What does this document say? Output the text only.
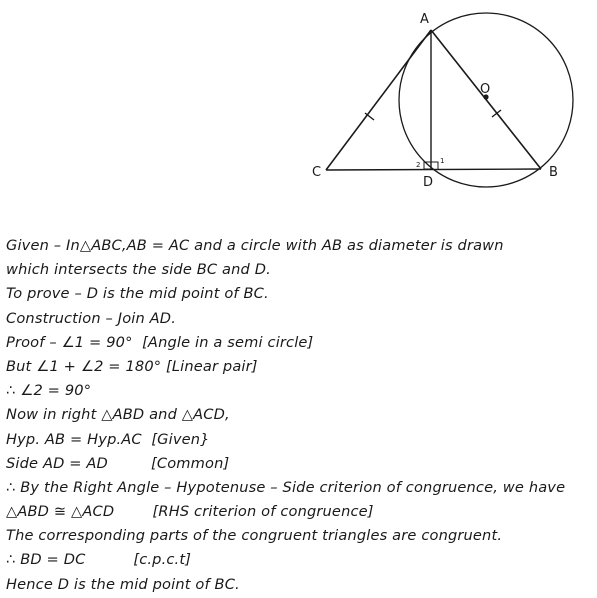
A
O
C
D
B
2	1
Given – In△ABC,AB = AC and a circle with AB as diameter is drawn
which intersects the side BC and D.
To prove – D is the mid point of BC.
Construction – Join AD.
Proof – ∠1 = 90°  [Angle in a semi circle]
But ∠1 + ∠2 = 180° [Linear pair]
∴ ∠2 = 90°
Now in right △ABD and △ACD,
Hyp. AB = Hyp.AC  [Given}
Side AD = AD         [Common]
∴ By the Right Angle – Hypotenuse – Side criterion of congruence, we have
△ABD ≅ △ACD        [RHS criterion of congruence]
The corresponding parts of the congruent triangles are congruent.
∴ BD = DC          [c.p.c.t]
Hence D is the mid point of BC.
